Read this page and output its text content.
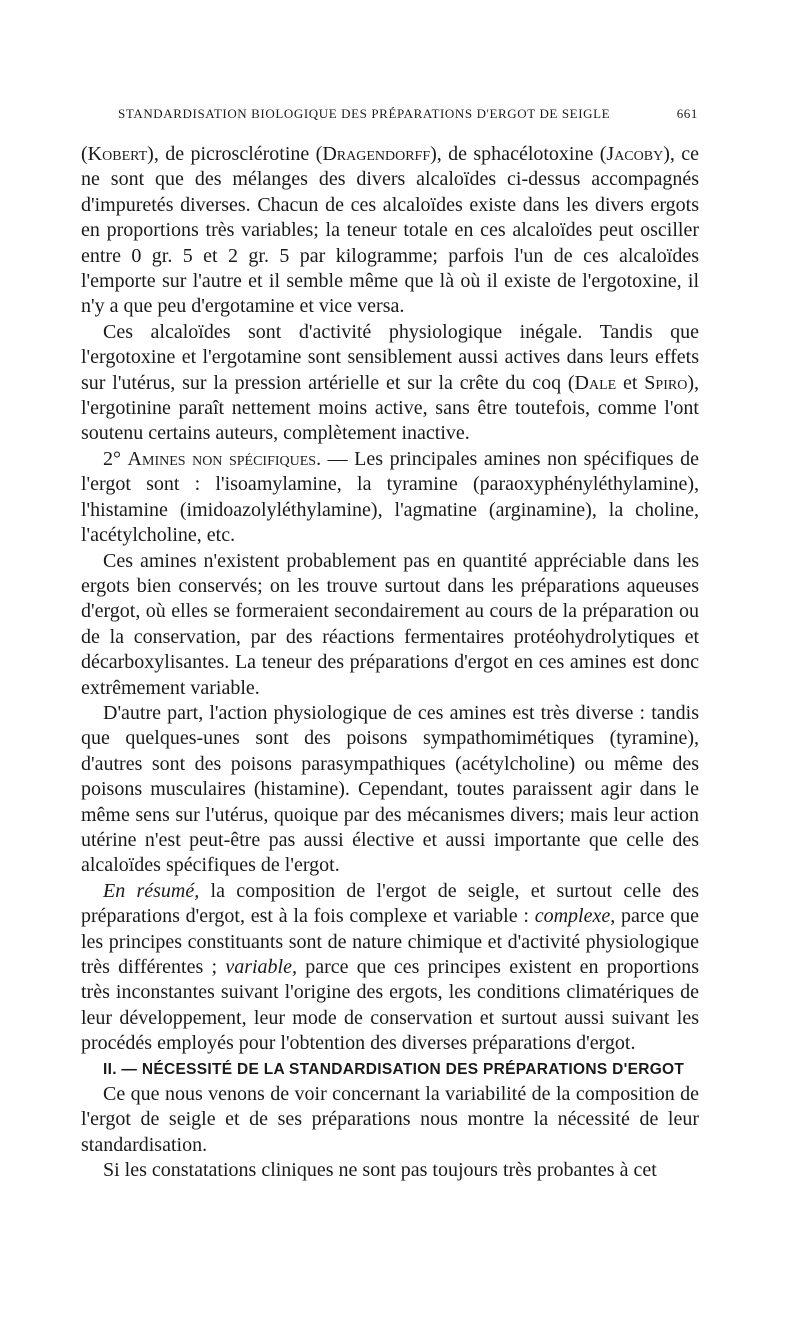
STANDARDISATION BIOLOGIQUE DES PRÉPARATIONS D'ERGOT DE SEIGLE	661

(Kobert), de picrosclérotine (Dragendorff), de sphacélotoxine (Jacoby), ce ne sont que des mélanges des divers alcaloïdes ci-dessus accompagnés d'impuretés diverses. Chacun de ces alcaloïdes existe dans les divers ergots en proportions très variables; la teneur totale en ces alcaloïdes peut osciller entre 0 gr. 5 et 2 gr. 5 par kilogramme; parfois l'un de ces alcaloïdes l'emporte sur l'autre et il semble même que là où il existe de l'ergotoxine, il n'y a que peu d'ergotamine et vice versa.

Ces alcaloïdes sont d'activité physiologique inégale. Tandis que l'ergotoxine et l'ergotamine sont sensiblement aussi actives dans leurs effets sur l'utérus, sur la pression artérielle et sur la crête du coq (Dale et Spiro), l'ergotinine paraît nettement moins active, sans être toutefois, comme l'ont soutenu certains auteurs, complètement inactive.

2° Amines non spécifiques. — Les principales amines non spécifiques de l'ergot sont : l'isoamylamine, la tyramine (paraoxyphényléthylamine), l'histamine (imidoazolyléthylamine), l'agmatine (arginamine), la choline, l'acétylcholine, etc.

Ces amines n'existent probablement pas en quantité appréciable dans les ergots bien conservés; on les trouve surtout dans les préparations aqueuses d'ergot, où elles se formeraient secondairement au cours de la préparation ou de la conservation, par des réactions fermentaires protéohydrolytiques et décarboxylisantes. La teneur des préparations d'ergot en ces amines est donc extrêmement variable.

D'autre part, l'action physiologique de ces amines est très diverse : tandis que quelques-unes sont des poisons sympathomimétiques (tyramine), d'autres sont des poisons parasympathiques (acétylcholine) ou même des poisons musculaires (histamine). Cependant, toutes paraissent agir dans le même sens sur l'utérus, quoique par des mécanismes divers; mais leur action utérine n'est peut-être pas aussi élective et aussi importante que celle des alcaloïdes spécifiques de l'ergot.

En résumé, la composition de l'ergot de seigle, et surtout celle des préparations d'ergot, est à la fois complexe et variable : complexe, parce que les principes constituants sont de nature chimique et d'activité physiologique très différentes ; variable, parce que ces principes existent en proportions très inconstantes suivant l'origine des ergots, les conditions climatériques de leur développement, leur mode de conservation et surtout aussi suivant les procédés employés pour l'obtention des diverses préparations d'ergot.

II. — NÉCESSITÉ DE LA STANDARDISATION DES PRÉPARATIONS D'ERGOT

Ce que nous venons de voir concernant la variabilité de la composition de l'ergot de seigle et de ses préparations nous montre la nécessité de leur standardisation.

Si les constatations cliniques ne sont pas toujours très probantes à cet
